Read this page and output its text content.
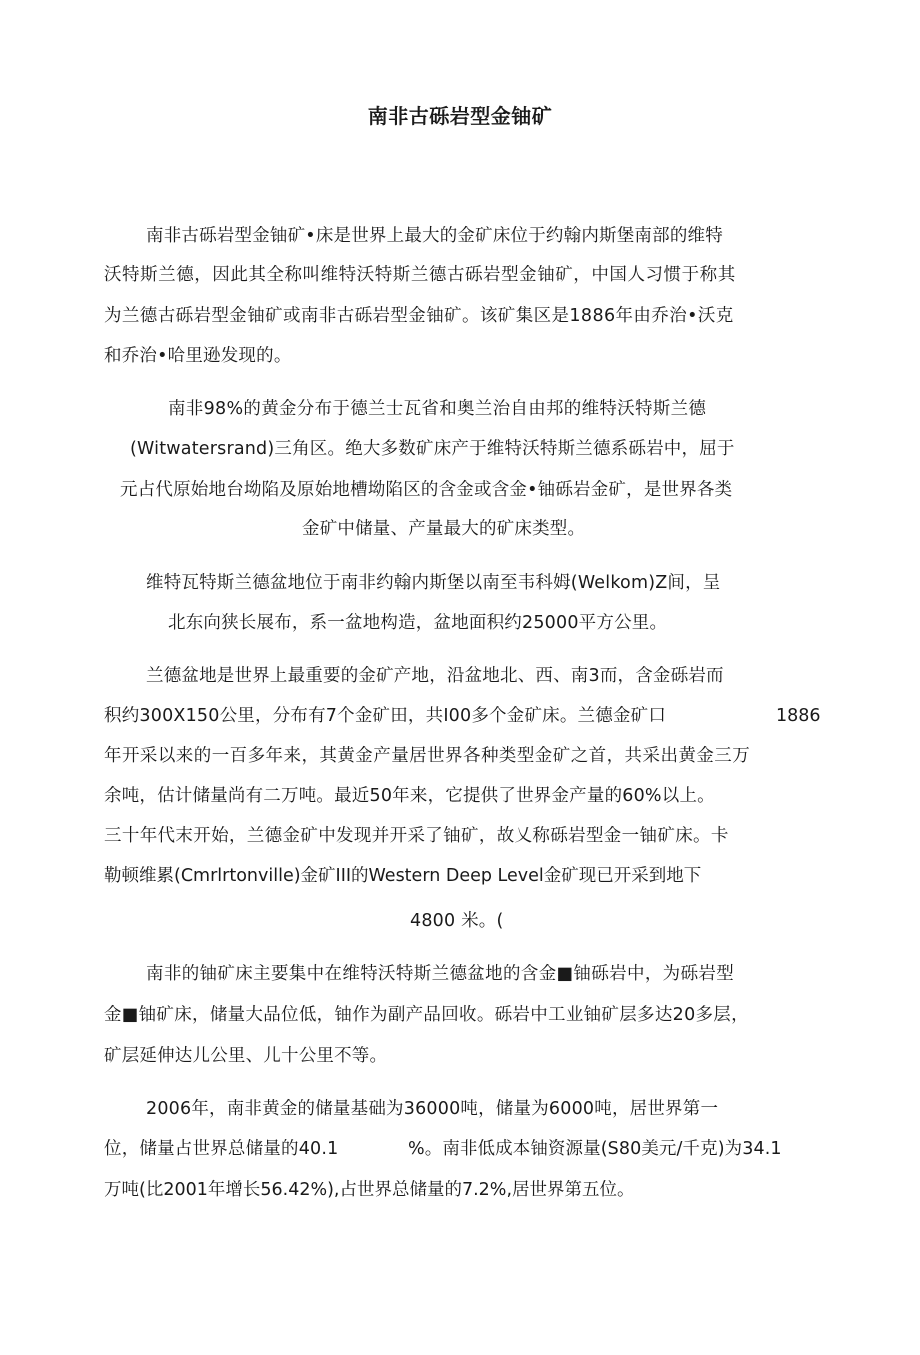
南非古砾岩型金铀矿
南非古砾岩型金铀矿•床是世界上最大的金矿床位于约翰内斯堡南部的维特
沃特斯兰德，因此其全称叫维特沃特斯兰德古砾岩型金铀矿，中国人习惯于称其
为兰德古砾岩型金铀矿或南非古砾岩型金铀矿。该矿集区是1886年由乔治•沃克
和乔治•哈里逊发现的。
南非98%的黄金分布于德兰士瓦省和奥兰治自由邦的维特沃特斯兰德
(Witwatersrand)三角区。绝大多数矿床产于维特沃特斯兰德系砾岩中，屈于
元占代原始地台坳陷及原始地槽坳陷区的含金或含金•铀砾岩金矿，是世界各类
金矿中储量、产量最大的矿床类型。
维特瓦特斯兰德盆地位于南非约翰内斯堡以南至韦科姆(Welkom)Z间，呈
北东向狭长展布，系一盆地构造，盆地面积约25000平方公里。
兰德盆地是世界上最重要的金矿产地，沿盆地北、西、南3而，含金砾岩而
积约300X150公里，分布有7个金矿田，共I00多个金矿床。兰德金矿口	1886
年开采以来的一百多年来，其黄金产量居世界各种类型金矿之首，共采出黄金三万
余吨，估计储量尚有二万吨。最近50年来，它提供了世界金产量的60%以上。
三十年代末开始，兰德金矿中发现并开采了铀矿，故乂称砾岩型金一铀矿床。卡
勒顿维累(Cmrlrtonville)金矿III的Western Deep Level金矿现已开采到地下
4800 米。(
南非的铀矿床主要集中在维特沃特斯兰德盆地的含金■铀砾岩中，为砾岩型
金■铀矿床，储量大品位低，铀作为副产品回收。砾岩中工业铀矿层多达20多层，
矿层延伸达儿公里、儿十公里不等。
2006年，南非黄金的储量基础为36000吨，储量为6000吨，居世界第一
位，储量占世界总储量的40.1	%。南非低成本铀资源量(S80美元/千克)为34.1
万吨(比2001年增长56.42%),占世界总储量的7.2%,居世界第五位。
